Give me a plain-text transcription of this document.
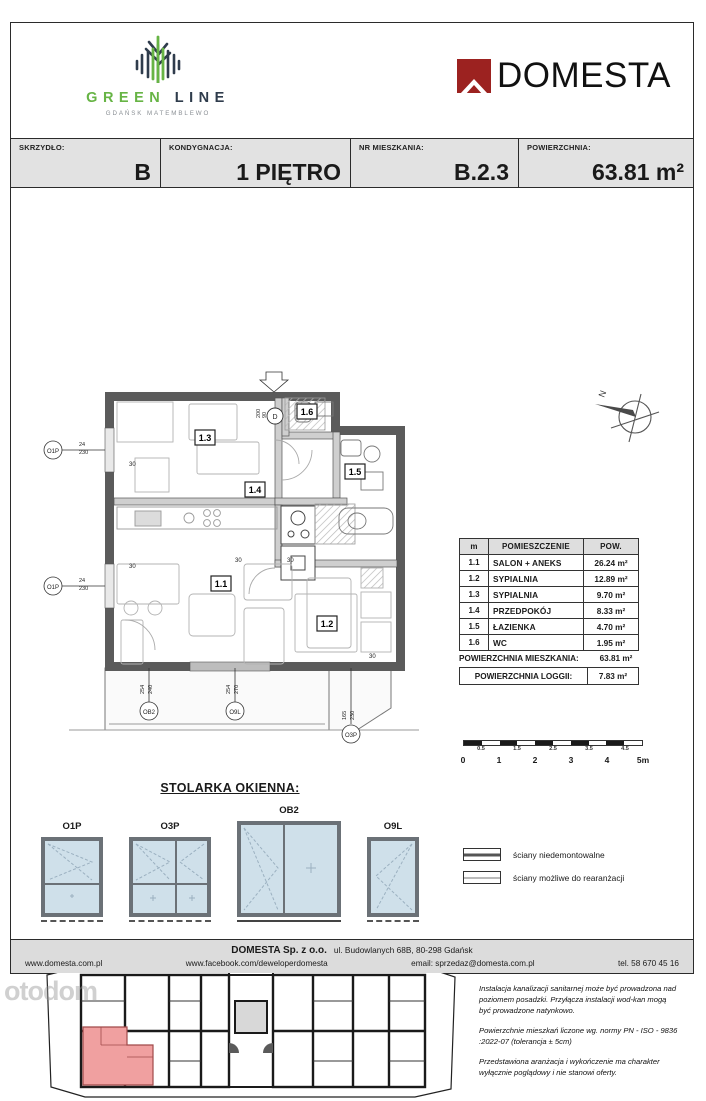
GREEN LINE
GDAŃSK MATEMBLEWO
DOMESTA
SKRZYDŁO:
B
KONDYGNACJA:
1 PIĘTRO
NR MIESZKANIA:
B.2.3
POWIERZCHNIA:
63.81 m²
N
D
90
200
1.1
1.2
1.3
1.4
1.5
1.6
O1P
O1P
24
230
24
230
OB2	O9L
O3P
254 240	254 270
165 230
30
30
30	30
30
m	POMIESZCZENIE	POW.
1.1	SALON + ANEKS	26.24 m²
1.2	SYPIALNIA	12.89 m²
1.3	SYPIALNIA	9.70 m²
1.4	PRZEDPOKÓJ	8.33 m²
1.5	ŁAZIENKA	4.70 m²
1.6	WC	1.95 m²
POWIERZCHNIA MIESZKANIA:	63.81 m²
POWIERZCHNIA LOGGII:	7.83 m²
0.5	1.5	2.5	3.5	4.5
0	1	2	3	4	5m
ściany niedemontowalne
ściany możliwe do rearanżacji
STOLARKA OKIENNA:
O1P	O3P
OB2
O9L

Instalacja kanalizacji sanitarnej może być prowadzona nad poziomem posadzki. Przyłącza instalacji wod-kan mogą być prowadzone natynkowo.

Powierzchnie mieszkań liczone wg. normy PN - ISO - 9836 :2022-07 (tolerancja ± 5cm)

Przedstawiona aranżacja i wykończenie ma charakter wyłącznie poglądowy i nie stanowi oferty.

DOMESTA Sp. z o.o. ul. Budowlanych 68B, 80-298 Gdańsk
www.domesta.com.pl	www.facebook.com/deweloperdomesta	email: sprzedaz@domesta.com.pl	tel. 58 670 45 16
otodom
